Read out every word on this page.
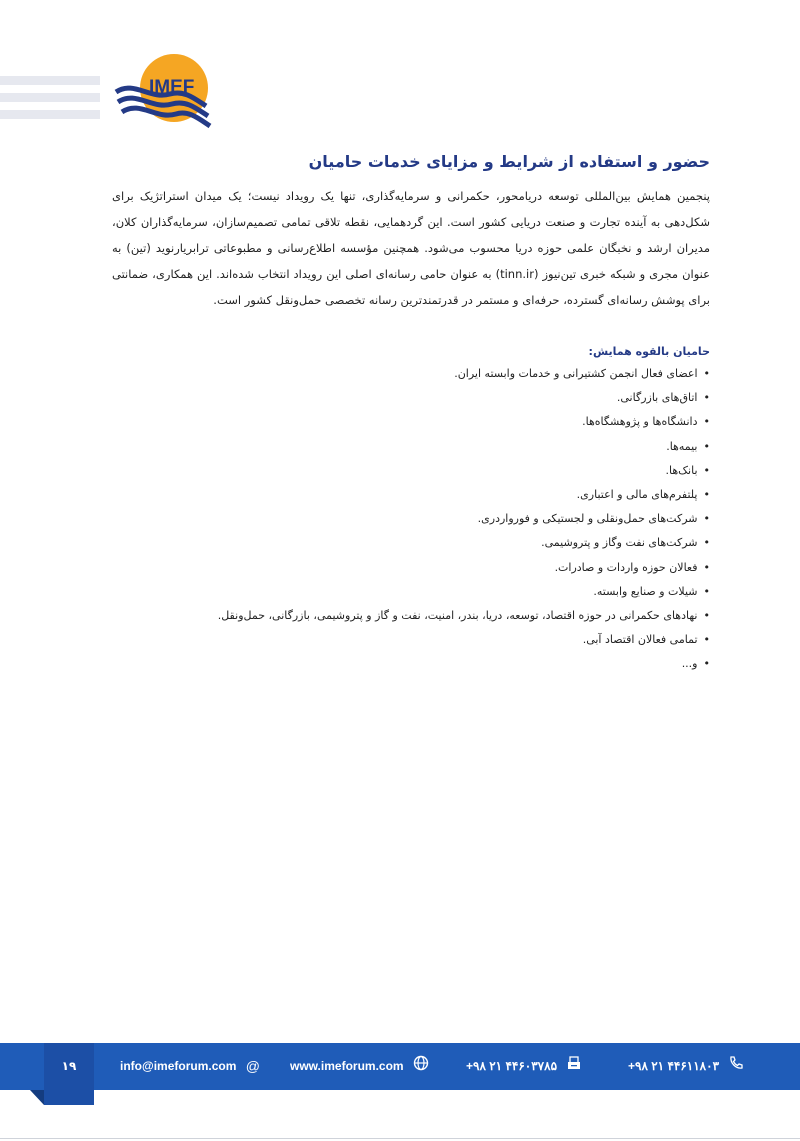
IMEF
حضور و استفاده از شرایط و مزایای خدمات حامیان

پنجمین همایش بین‌المللی توسعه دریامحور، حکمرانی و سرمایه‌گذاری، تنها یک رویداد نیست؛ یک میدان استراتژیک برای شکل‌دهی به آینده تجارت و صنعت دریایی کشور است. این گردهمایی، نقطه تلاقی تمامی تصمیم‌سازان، سرمایه‌گذاران کلان، مدیران ارشد و نخبگان علمی حوزه دریا محسوب می‌شود. همچنین مؤسسه اطلاع‌رسانی و مطبوعاتی ترابریارنوید (تین) به عنوان مجری و شبکه خبری تین‌نیوز (tinn.ir) به عنوان حامی رسانه‌ای اصلی این رویداد انتخاب شده‌اند. این همکاری، ضمانتی برای پوشش رسانه‌ای گسترده، حرفه‌ای و مستمر در قدرتمندترین رسانه تخصصی حمل‌ونقل کشور است.

حامیان بالقوه همایش:
•اعضای فعال انجمن کشتیرانی و خدمات وابسته ایران.
•اتاق‌های بازرگانی.
•دانشگاه‌ها و پژوهشگاه‌ها.
•بیمه‌ها.
•بانک‌ها.
•پلتفرم‌های مالی و اعتباری.
•شرکت‌های حمل‌ونقلی و لجستیکی و فورواردری.
•شرکت‌های نفت وگاز و پتروشیمی.
•فعالان حوزه واردات و صادرات.
•شیلات و صنایع وابسته.
•نهادهای حکمرانی در حوزه اقتصاد، توسعه، دریا، بندر، امنیت، نفت و گاز و پتروشیمی، بازرگانی، حمل‌ونقل.
•تمامی فعالان اقتصاد آبی.
•و...
۱۹	info@imeforum.com @	www.imeforum.com	+۹۸ ۲۱ ۴۴۶۰۳۷۸۵	+۹۸ ۲۱ ۴۴۶۱۱۸۰۳
